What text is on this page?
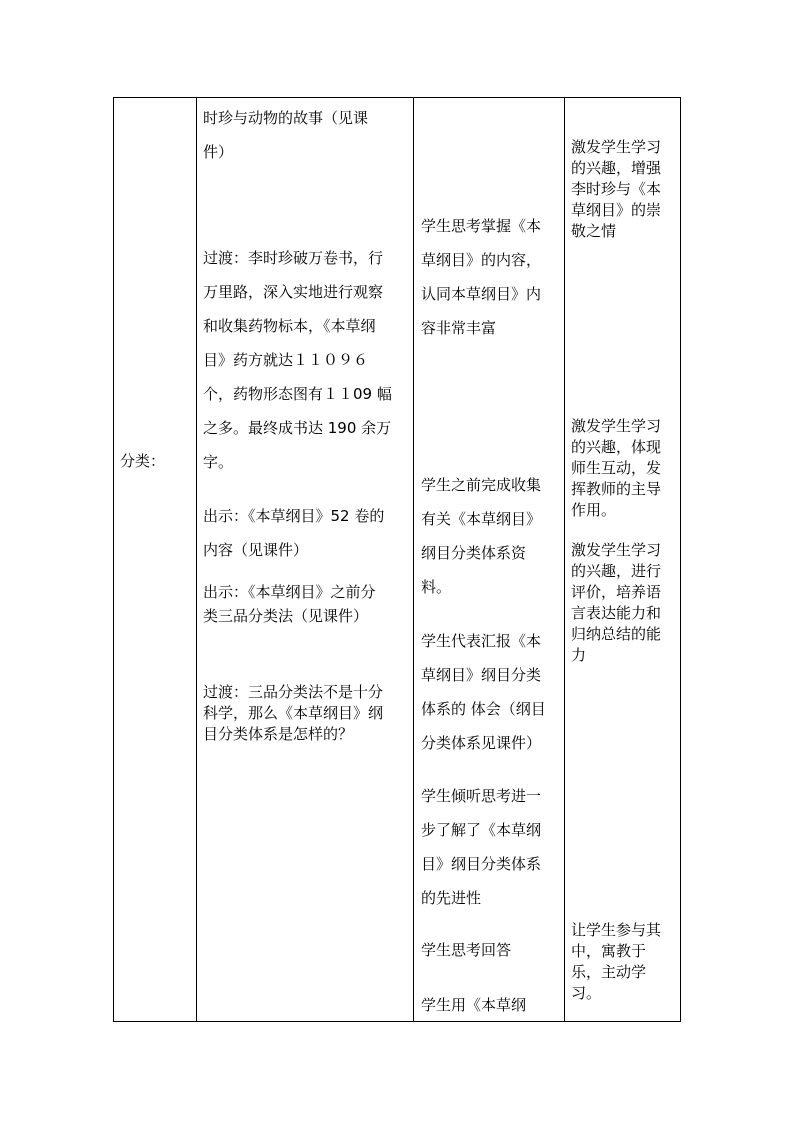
分类：
时珍与动物的故事（见课
件）
过渡：李时珍破万卷书，行
万里路，深入实地进行观察
和收集药物标本，《本草纲
目》药方就达１１０９６
个，药物形态图有１１09 幅
之多。最终成书达 190 余万
字。
出示：《本草纲目》52 卷的
内容（见课件）
出示：《本草纲目》之前分
类三品分类法（见课件）
过渡：三品分类法不是十分
科学，那么《本草纲目》纲
目分类体系是怎样的？
学生思考掌握《本
草纲目》的内容，
认同本草纲目》内
容非常丰富
学生之前完成收集
有关《本草纲目》
纲目分类体系资
料。
学生代表汇报《本
草纲目》纲目分类
体系的 体会（纲目
分类体系见课件）
学生倾听思考进一
步了解了《本草纲
目》纲目分类体系
的先进性
学生思考回答
学生用《本草纲
激发学生学习
的兴趣，增强
李时珍与《本
草纲目》的崇
敬之情
激发学生学习
的兴趣，体现
师生互动，发
挥教师的主导
作用。
激发学生学习
的兴趣，进行
评价，培养语
言表达能力和
归纳总结的能
力
让学生参与其
中，寓教于
乐，主动学
习。
